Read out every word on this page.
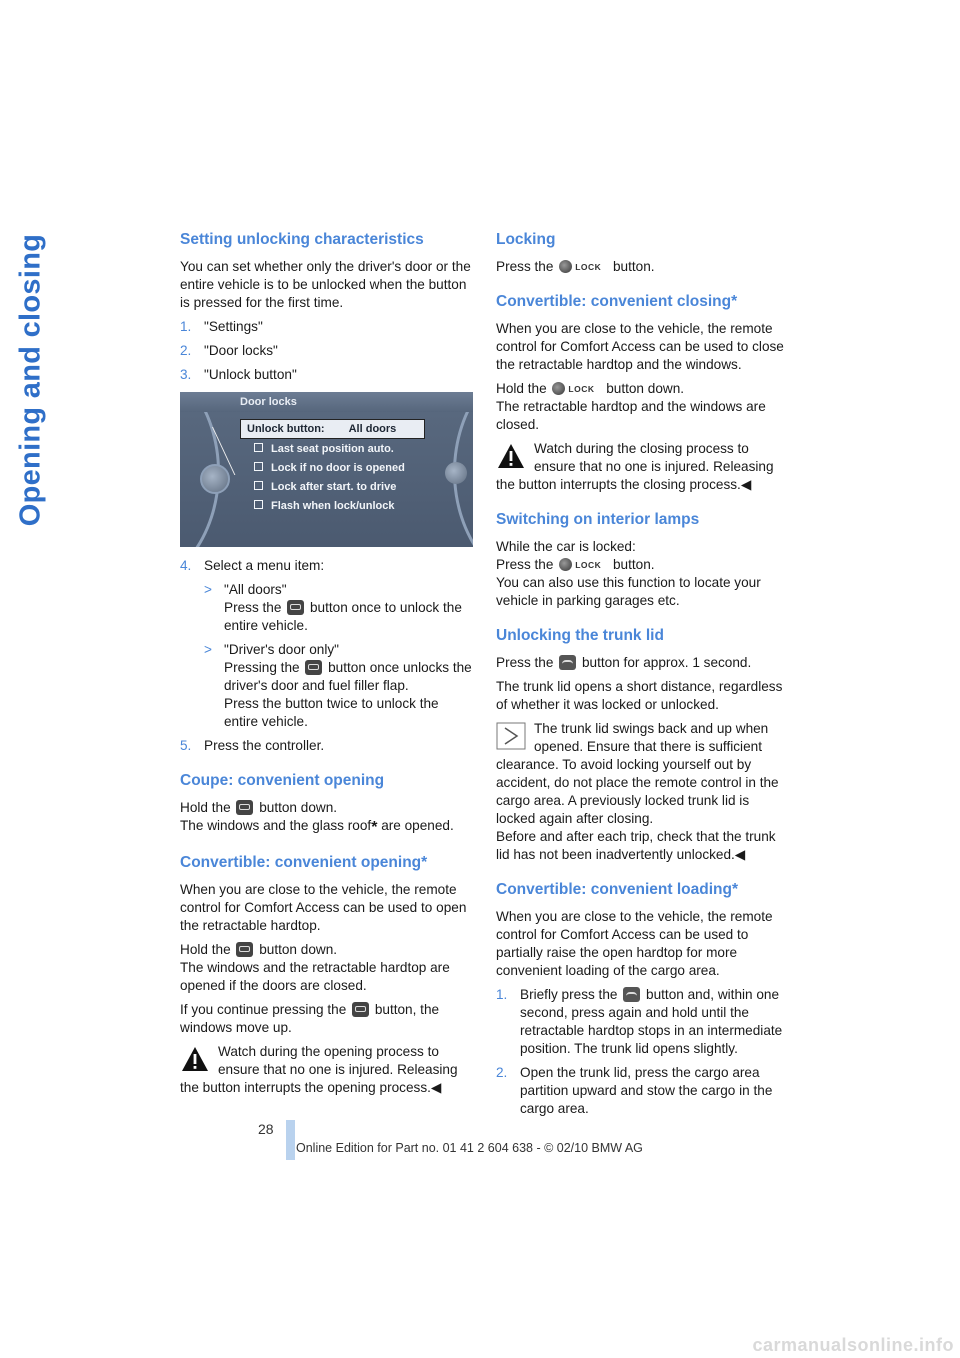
Opening and closing	Setting unlocking characteristics

You can set whether only the driver's door or the entire vehicle is to be unlocked when the button is pressed for the first time.

1. "Settings"
2. "Door locks"
3. "Unlock button"
Door locks
Unlock button: All doors
Last seat position auto.
Lock if no door is opened
Lock after start. to drive
Flash when lock/unlock
4. Select a menu item:
> "All doors"
Press the button once to unlock the entire vehicle.
> "Driver's door only"
Pressing the button once unlocks the driver's door and fuel filler flap.
Press the button twice to unlock the entire vehicle.
5. Press the controller.
Coupe: convenient opening

Hold the button down.
The windows and the glass roof* are opened.

Convertible: convenient opening*

When you are close to the vehicle, the remote control for Comfort Access can be used to open the retractable hardtop.

Hold the button down.
The windows and the retractable hardtop are opened if the doors are closed.

If you continue pressing the button, the windows move up.

Watch during the opening process to ensure that no one is injured. Releasing the button interrupts the opening process.◀
Locking

Press the	LOCK button.

Convertible: convenient closing*

When you are close to the vehicle, the remote control for Comfort Access can be used to close the retractable hardtop and the windows.

Hold the	LOCK button down.
The retractable hardtop and the windows are closed.

Watch during the closing process to ensure that no one is injured. Releasing the button interrupts the closing process.◀
Switching on interior lamps

While the car is locked:
Press the	LOCK button.
You can also use this function to locate your vehicle in parking garages etc.

Unlocking the trunk lid

Press the button for approx. 1 second.

The trunk lid opens a short distance, regardless of whether it was locked or unlocked.

The trunk lid swings back and up when opened. Ensure that there is sufficient clearance. To avoid locking yourself out by accident, do not place the remote control in the cargo area. A previously locked trunk lid is locked again after closing.
Before and after each trip, check that the trunk lid has not been inadvertently unlocked.◀
Convertible: convenient loading*

When you are close to the vehicle, the remote control for Comfort Access can be used to partially raise the open hardtop for more convenient loading of the cargo area.

1. Briefly press the button and, within one second, press again and hold until the retractable hardtop stops in an intermediate position. The trunk lid opens slightly.
2. Open the trunk lid, press the cargo area partition upward and stow the cargo in the cargo area.
28
Online Edition for Part no. 01 41 2 604 638 - © 02/10 BMW AG
carmanualsonline.info
